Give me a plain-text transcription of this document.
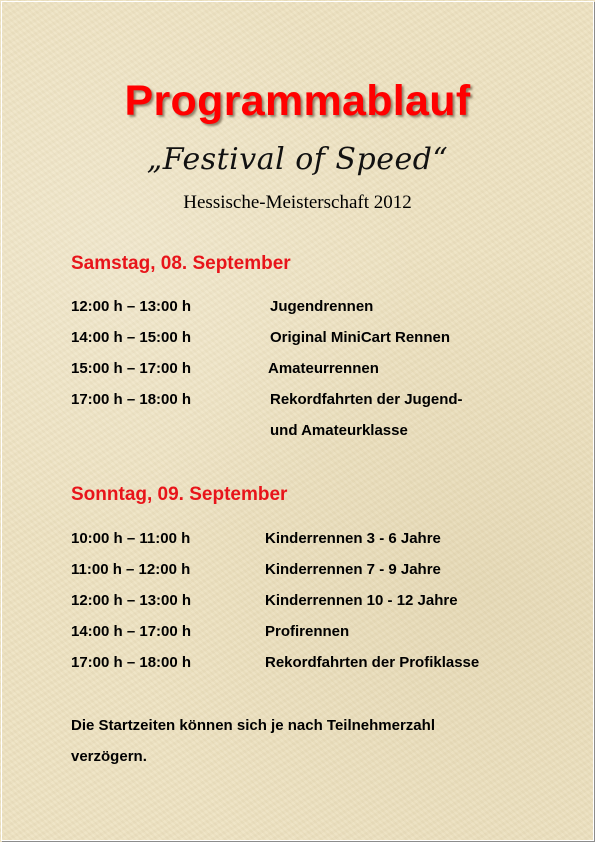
Programmablauf
„Festival of Speed“
Hessische-Meisterschaft 2012
Samstag, 08. September
12:00 h – 13:00 h	Jugendrennen
14:00 h – 15:00 h	Original MiniCart Rennen
15:00 h – 17:00 h	Amateurrennen
17:00 h – 18:00 h	Rekordfahrten der Jugend-
und Amateurklasse
Sonntag, 09. September
10:00 h – 11:00 h	Kinderrennen 3 - 6 Jahre
11:00 h – 12:00 h	Kinderrennen 7 - 9 Jahre
12:00 h – 13:00 h	Kinderrennen 10 - 12 Jahre
14:00 h – 17:00 h	Profirennen
17:00 h – 18:00 h	Rekordfahrten der Profiklasse
Die Startzeiten können sich je nach Teilnehmerzahl
verzögern.
